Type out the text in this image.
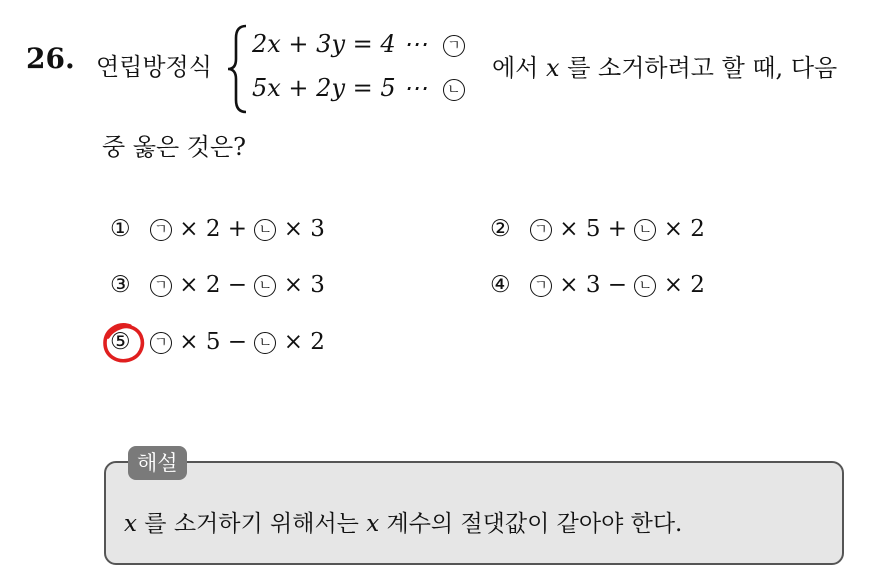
26. 연립방정식
2x + 3y = 4 ⋯ ㄱ
5x + 2y = 5 ⋯ ㄴ
에서 x 를 소거하려고 할 때, 다음
중 옳은 것은?
① ㄱ × 2 + ㄴ × 3	② ㄱ × 5 + ㄴ × 2
③ ㄱ × 2 − ㄴ × 3	④ ㄱ × 3 − ㄴ × 2
⑤ ㄱ × 5 − ㄴ × 2
해설
x 를 소거하기 위해서는 x 계수의 절댓값이 같아야 한다.
